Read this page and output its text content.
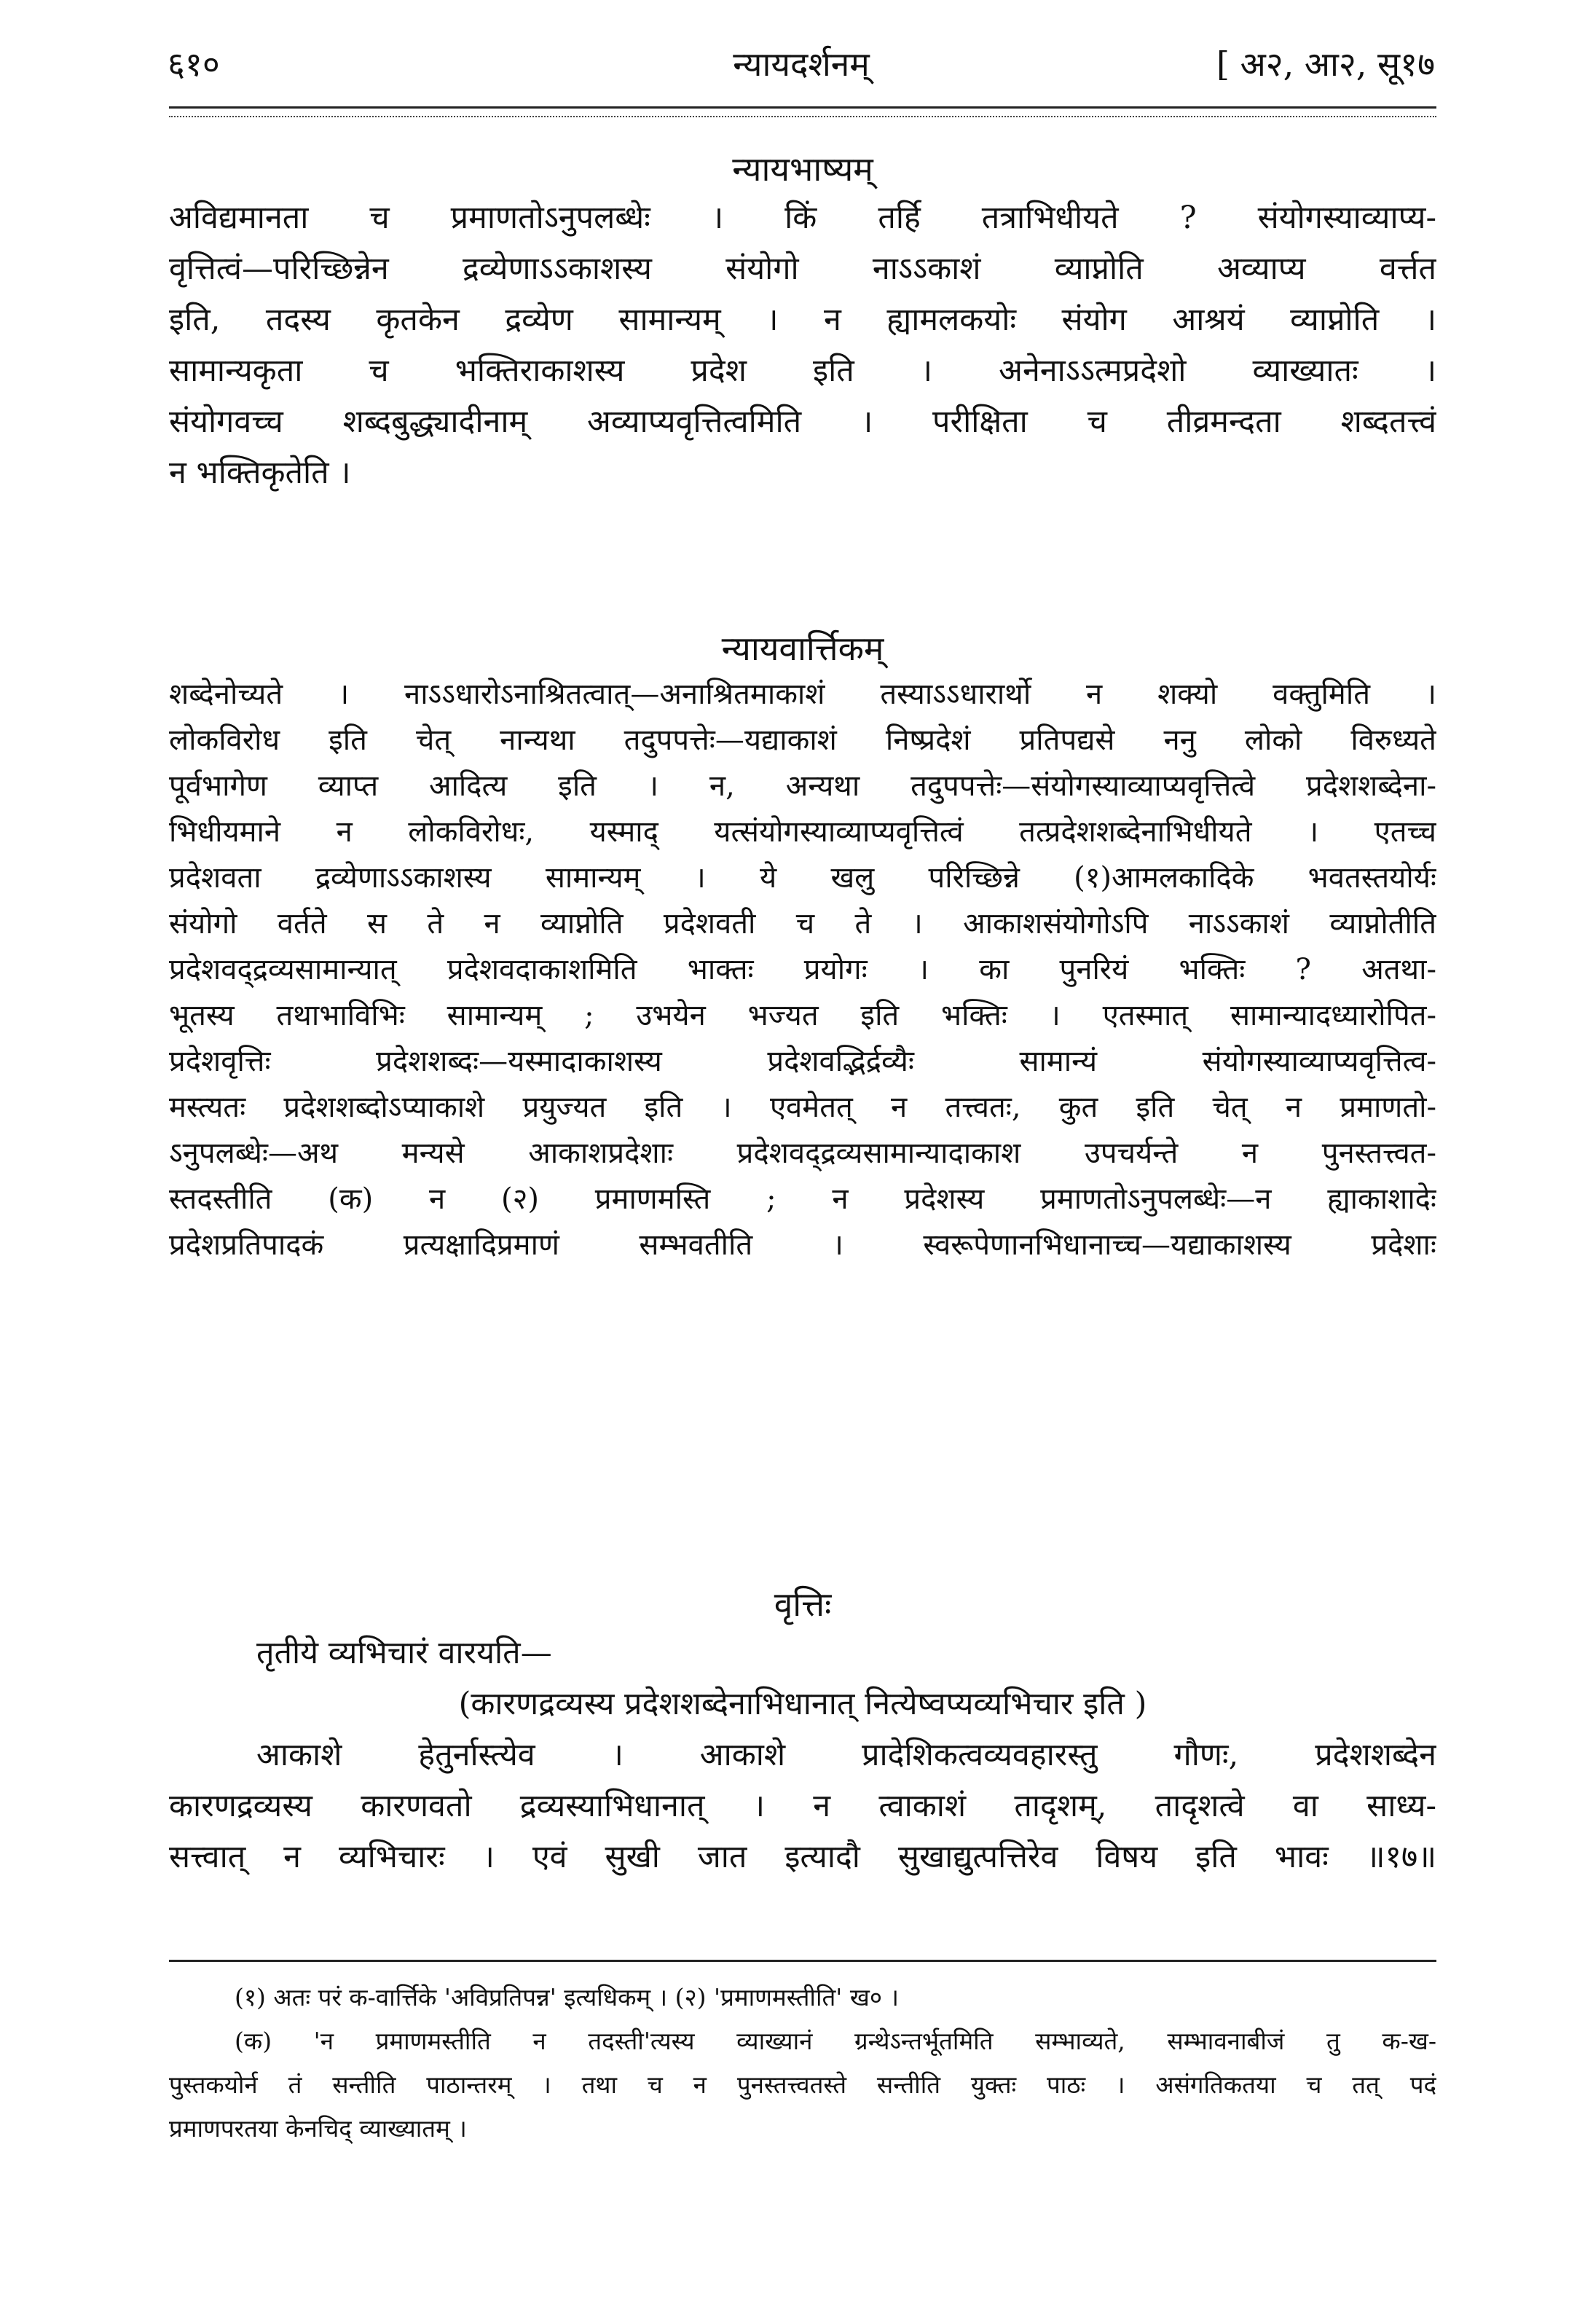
६१०	न्यायदर्शनम्	[ अ२, आ२, सू१७
न्यायभाष्यम्
अविद्यमानता च प्रमाणतोऽनुपलब्धेः । किं तर्हि तत्राभिधीयते ? संयोगस्याव्याप्य-
वृत्तित्वं—परिच्छिन्नेन द्रव्येणाऽऽकाशस्य संयोगो नाऽऽकाशं व्याप्नोति अव्याप्य वर्त्तत
इति, तदस्य कृतकेन द्रव्येण सामान्यम् । न ह्यामलकयोः संयोग आश्रयं व्याप्नोति ।
सामान्यकृता च भक्तिराकाशस्य प्रदेश इति । अनेनाऽऽत्मप्रदेशो व्याख्यातः ।
संयोगवच्च शब्दबुद्ध्यादीनाम् अव्याप्यवृत्तित्वमिति । परीक्षिता च तीव्रमन्दता शब्दतत्त्वं
न भक्तिकृतेति ।
न्यायवार्त्तिकम्
शब्देनोच्यते । नाऽऽधारोऽनाश्रितत्वात्—अनाश्रितमाकाशं तस्याऽऽधारार्थो न शक्यो वक्तुमिति ।
लोकविरोध इति चेत् नान्यथा तदुपपत्तेः—यद्याकाशं निष्प्रदेशं प्रतिपद्यसे ननु लोको विरुध्यते
पूर्वभागेण व्याप्त आदित्य इति । न, अन्यथा तदुपपत्तेः—संयोगस्याव्याप्यवृत्तित्वे प्रदेशशब्देना-
भिधीयमाने न लोकविरोधः, यस्माद् यत्संयोगस्याव्याप्यवृत्तित्वं तत्प्रदेशशब्देनाभिधीयते । एतच्च
प्रदेशवता द्रव्येणाऽऽकाशस्य सामान्यम् । ये खलु परिच्छिन्ने (१)आमलकादिके भवतस्तयोर्यः
संयोगो वर्तते स ते न व्याप्नोति प्रदेशवती च ते । आकाशसंयोगोऽपि नाऽऽकाशं व्याप्नोतीति
प्रदेशवद्द्रव्यसामान्यात् प्रदेशवदाकाशमिति भाक्तः प्रयोगः । का पुनरियं भक्तिः ? अतथा-
भूतस्य तथाभाविभिः सामान्यम् ; उभयेन भज्यत इति भक्तिः । एतस्मात् सामान्यादध्यारोपित-
प्रदेशवृत्तिः प्रदेशशब्दः—यस्मादाकाशस्य प्रदेशवद्भिर्द्रव्यैः सामान्यं संयोगस्याव्याप्यवृत्तित्व-
मस्त्यतः प्रदेशशब्दोऽप्याकाशे प्रयुज्यत इति । एवमेतत् न तत्त्वतः, कुत इति चेत् न प्रमाणतो-
ऽनुपलब्धेः—अथ मन्यसे आकाशप्रदेशाः प्रदेशवद्द्रव्यसामान्यादाकाश उपचर्यन्ते न पुनस्तत्त्वत-
स्तदस्तीति (क) न (२) प्रमाणमस्ति ; न प्रदेशस्य प्रमाणतोऽनुपलब्धेः—न ह्याकाशादेः
प्रदेशप्रतिपादकं प्रत्यक्षादिप्रमाणं सम्भवतीति । स्वरूपेणानभिधानाच्च—यद्याकाशस्य प्रदेशाः
वृत्तिः
तृतीये व्यभिचारं वारयति—
(कारणद्रव्यस्य प्रदेशशब्देनाभिधानात् नित्येष्वप्यव्यभिचार इति )
आकाशे हेतुर्नास्त्येव । आकाशे प्रादेशिकत्वव्यवहारस्तु गौणः, प्रदेशशब्देन
कारणद्रव्यस्य कारणवतो द्रव्यस्याभिधानात् । न त्वाकाशं तादृशम्, तादृशत्वे वा साध्य-
सत्त्वात् न व्यभिचारः । एवं सुखी जात इत्यादौ सुखाद्युत्पत्तिरेव विषय इति भावः ॥१७॥
(१) अतः परं क-वार्त्तिके 'अविप्रतिपन्न' इत्यधिकम् । (२) 'प्रमाणमस्तीति' ख० ।
(क) 'न प्रमाणमस्तीति न तदस्ती'त्यस्य व्याख्यानं ग्रन्थेऽन्तर्भूतमिति सम्भाव्यते, सम्भावनाबीजं तु क-ख-
पुस्तकयोर्न तं सन्तीति पाठान्तरम् । तथा च न पुनस्तत्त्वतस्ते सन्तीति युक्तः पाठः । असंगतिकतया च तत् पदं
प्रमाणपरतया केनचिद् व्याख्यातम् ।
